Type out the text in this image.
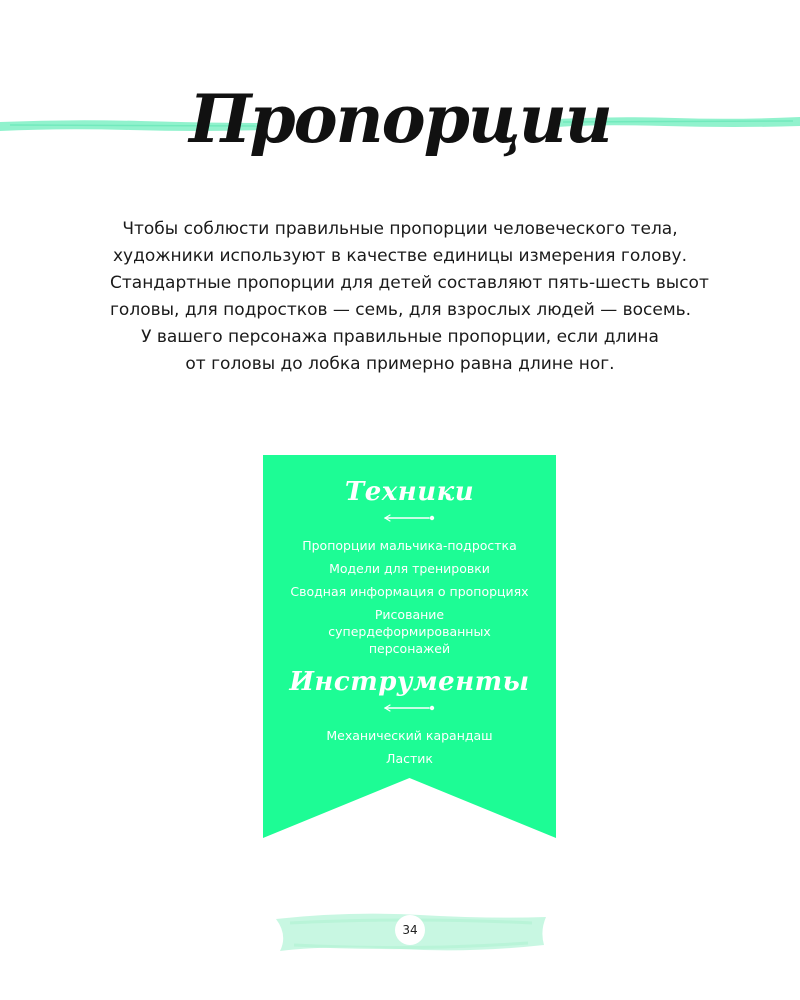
Пропорции
Чтобы соблюсти правильные пропорции человеческого тела,
художники используют в качестве единицы измерения голову.
Стандартные пропорции для детей составляют пять-шесть высот
головы, для подростков — семь, для взрослых людей — восемь.
У вашего персонажа правильные пропорции, если длина
от головы до лобка примерно равна длине ног.
Техники
Пропорции мальчика-подростка
Модели для тренировки
Сводная информация о пропорциях
Рисование супердеформированных персонажей
Инструменты
Механический карандаш
Ластик
34
